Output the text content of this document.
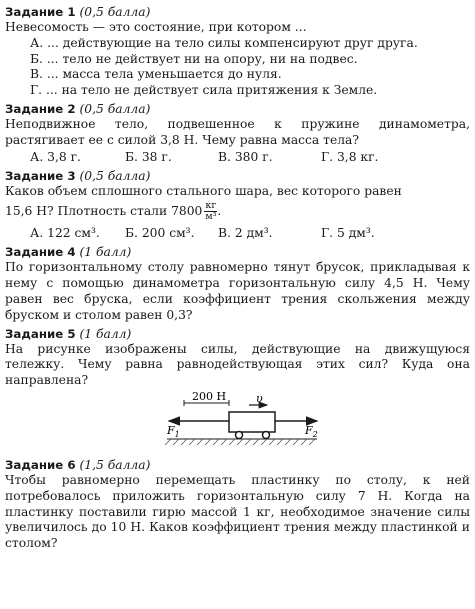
Задание 1 (0,5 балла)
Невесомость — это состояние, при котором ...
А. ... действующие на тело силы компенсируют друг друга.
Б. ... тело не действует ни на опору, ни на подвес.
В. ... масса тела уменьшается до нуля.
Г. ... на тело не действует сила притяжения к Земле.
Задание 2 (0,5 балла)
Неподвижное тело, подвешенное к пружине динамометра, растягивает ее с силой 3,8 Н. Чему равна масса тела?
А. 3,8 г.	Б. 38 г.	В. 380 г.	Г. 3,8 кг.
Задание 3 (0,5 балла)
Каков объем сплошного стального шара, вес которого равен
15,6 Н? Плотность стали $7800 \frac{кг}{\text{м³}}$ .
А. 122 см³.	Б. 200 см³.	В. 2 дм³.	Г. 5 дм³.
Задание 4 (1 балл)
По горизонтальному столу равномерно тянут брусок, прикладывая к нему с помощью динамометра горизонтальную силу 4,5 Н. Чему равен вес бруска, если коэффициент трения скольжения между бруском и столом равен 0,3?
Задание 5 (1 балл)
На рисунке изображены силы, действующие на движущуюся тележку. Чему равна равнодействующая этих сил? Куда она направлена?
200 Н	υ
$F_1$	$F_2$
Задание 6 (1,5 балла)
Чтобы равномерно перемещать пластинку по столу, к ней потребовалось приложить горизонтальную силу 7 Н. Когда на пластинку поставили гирю массой 1 кг, необходимое значение силы увеличилось до 10 Н. Каков коэффициент трения между пластинкой и столом?
